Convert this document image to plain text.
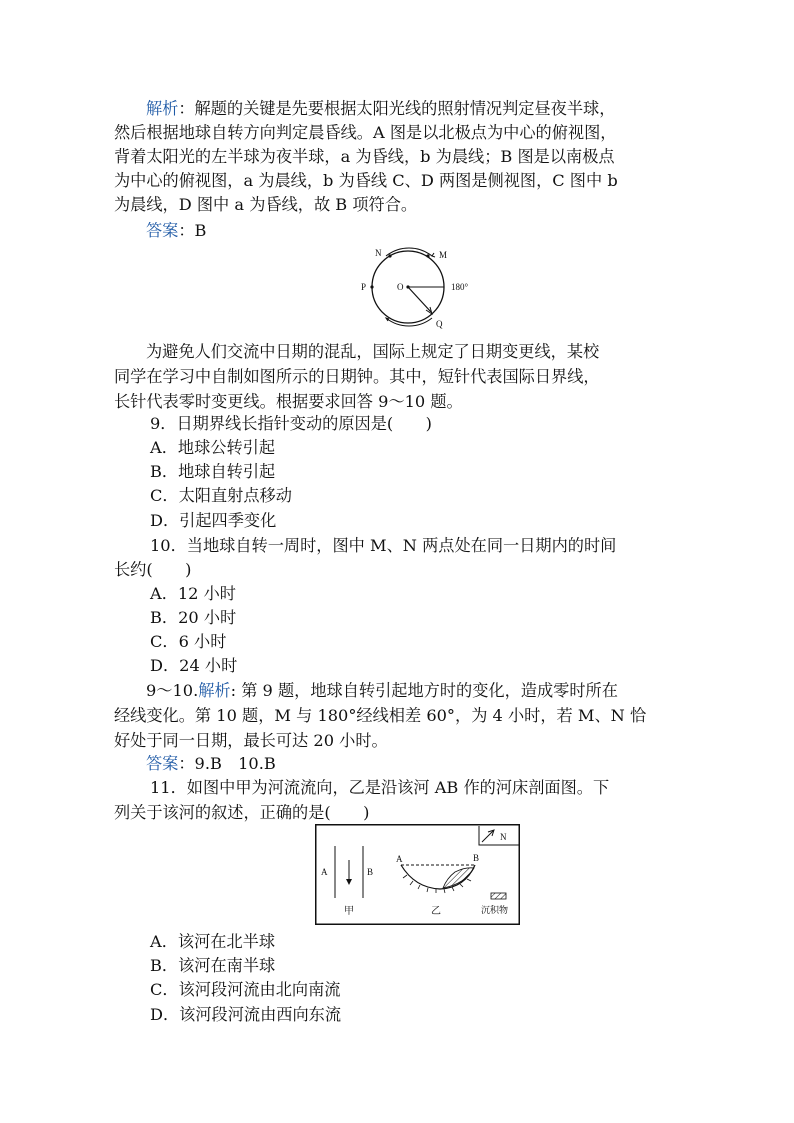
解析：解题的关键是先要根据太阳光线的照射情况判定昼夜半球，
然后根据地球自转方向判定晨昏线。A 图是以北极点为中心的俯视图，
背着太阳光的左半球为夜半球，a 为昏线，b 为晨线；B 图是以南极点
为中心的俯视图，a 为晨线，b 为昏线 C、D 两图是侧视图，C 图中 b
为晨线，D 图中 a 为昏线，故 B 项符合。
答案：B
N	M
P	O	180°
Q
为避免人们交流中日期的混乱，国际上规定了日期变更线，某校
同学在学习中自制如图所示的日期钟。其中，短针代表国际日界线，
长针代表零时变更线。根据要求回答 9～10 题。
9．日期界线长指针变动的原因是(　　)
A．地球公转引起
B．地球自转引起
C．太阳直射点移动
D．引起四季变化
10．当地球自转一周时，图中 M、N 两点处在同一日期内的时间
长约(　　)
A．12 小时
B．20 小时
C．6 小时
D．24 小时
9～10.解析: 第 9 题，地球自转引起地方时的变化，造成零时所在
经线变化。第 10 题，M 与 180°经线相差 60°，为 4 小时，若 M、N 恰
好处于同一日期，最长可达 20 小时。
答案：9.B　10.B
11．如图中甲为河流流向，乙是沿该河 AB 作的河床剖面图。下
列关于该河的叙述，正确的是(　　)
A	B
甲
A	B
乙
N
沉积物
A．该河在北半球
B．该河在南半球
C．该河段河流由北向南流
D．该河段河流由西向东流
